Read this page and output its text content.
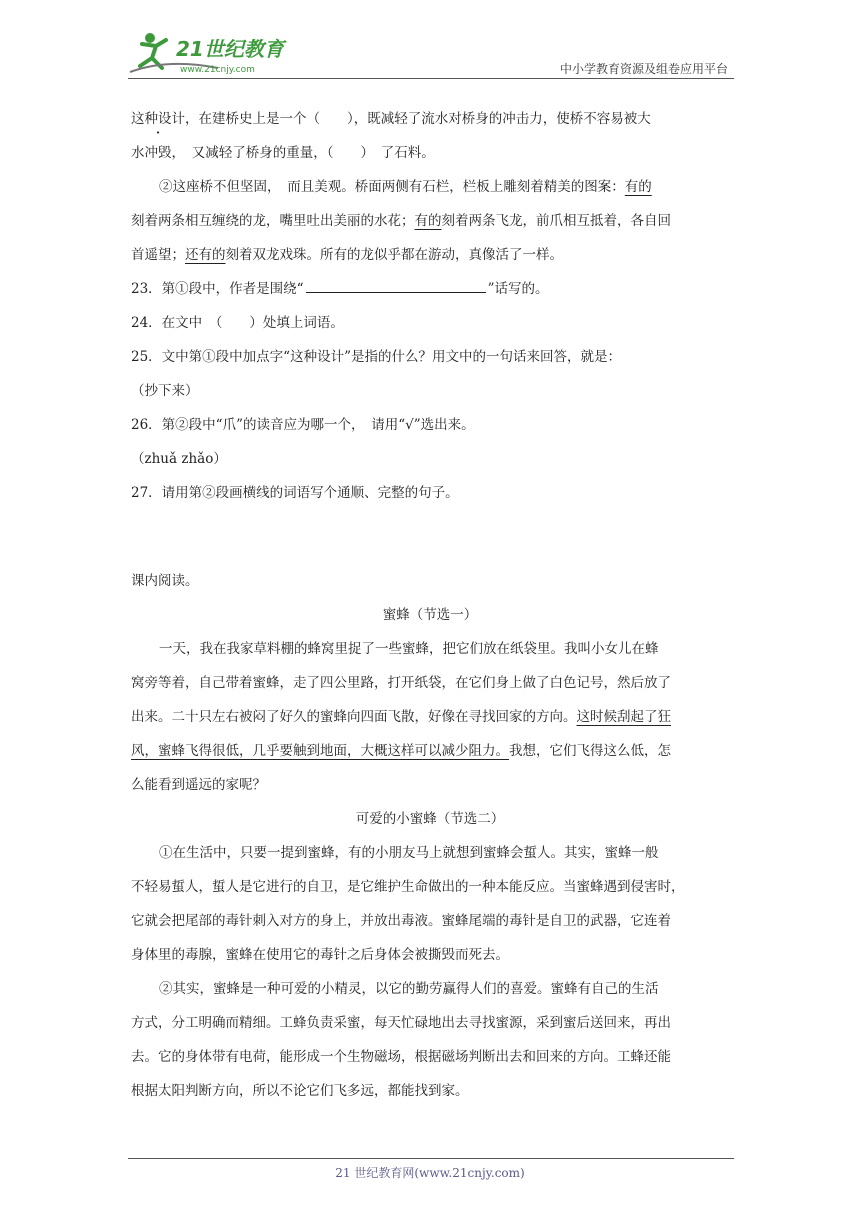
21世纪教育
www.21cnjy.com	中小学教育资源及组卷应用平台
这种设计，在建桥史上是一个（　　），既减轻了流水对桥身的冲击力，使桥不容易被大
水冲毁，　又减轻了桥身的重量，（　　）　了石料。
②这座桥不但坚固，　而且美观。桥面两侧有石栏，栏板上雕刻着精美的图案：有的
刻着两条相互缠绕的龙，嘴里吐出美丽的水花；有的刻着两条飞龙，前爪相互抵着，各自回
首遥望；还有的刻着双龙戏珠。所有的龙似乎都在游动，真像活了一样。
23．第①段中，作者是围绕“	”话写的。
24．在文中　（　　）处填上词语。
25．文中第①段中加点字“这种设计”是指的什么？用文中的一句话来回答，就是：
（抄下来）
26．第②段中“爪”的读音应为哪一个，　请用“√”选出来。
（zhuǎ zhǎo）
27．请用第②段画横线的词语写个通顺、完整的句子。
课内阅读。
蜜蜂（节选一）
一天，我在我家草料棚的蜂窝里捉了一些蜜蜂，把它们放在纸袋里。我叫小女儿在蜂
窝旁等着，自己带着蜜蜂，走了四公里路，打开纸袋，在它们身上做了白色记号，然后放了
出来。二十只左右被闷了好久的蜜蜂向四面飞散，好像在寻找回家的方向。这时候刮起了狂
风，蜜蜂飞得很低，几乎要触到地面，大概这样可以减少阻力。我想，它们飞得这么低，怎
么能看到遥远的家呢？
可爱的小蜜蜂（节选二）
①在生活中，只要一提到蜜蜂，有的小朋友马上就想到蜜蜂会蜇人。其实，蜜蜂一般
不轻易蜇人，蜇人是它进行的自卫，是它维护生命做出的一种本能反应。当蜜蜂遇到侵害时，
它就会把尾部的毒针刺入对方的身上，并放出毒液。蜜蜂尾端的毒针是自卫的武器，它连着
身体里的毒腺，蜜蜂在使用它的毒针之后身体会被撕毁而死去。
②其实，蜜蜂是一种可爱的小精灵，以它的勤劳赢得人们的喜爱。蜜蜂有自己的生活
方式，分工明确而精细。工蜂负责采蜜，每天忙碌地出去寻找蜜源，采到蜜后送回来，再出
去。它的身体带有电荷，能形成一个生物磁场，根据磁场判断出去和回来的方向。工蜂还能
根据太阳判断方向，所以不论它们飞多远，都能找到家。
21 世纪教育网(www.21cnjy.com)
